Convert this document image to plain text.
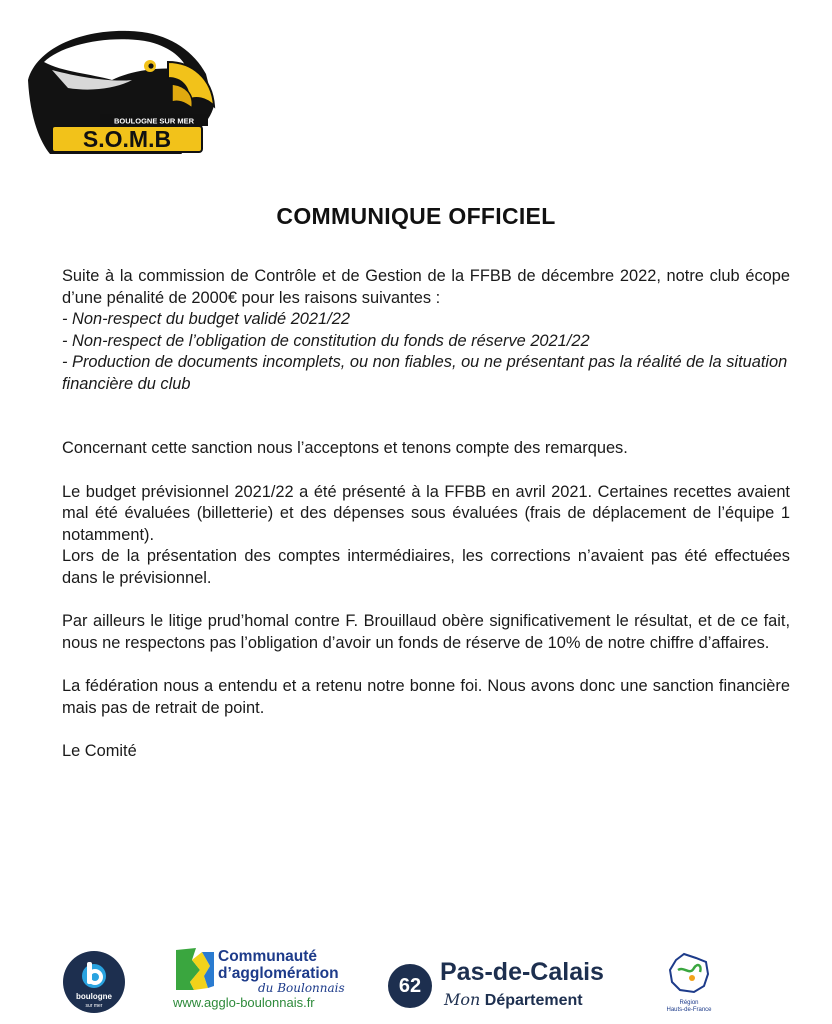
BOULOGNE SUR MER
S.O.M.B
COMMUNIQUE OFFICIEL

Suite à la commission de Contrôle et de Gestion de la FFBB de décembre 2022, notre club écope d’une pénalité de 2000€ pour les raisons suivantes :

- Non-respect du budget validé 2021/22

- Non-respect de l’obligation de constitution du fonds de réserve 2021/22

- Production de documents incomplets, ou non fiables, ou ne présentant pas la réalité de la situation financière du club

Concernant cette sanction nous l’acceptons et tenons compte des remarques.

Le budget prévisionnel 2021/22 a été présenté à la FFBB en avril 2021. Certaines recettes avaient mal été évaluées (billetterie) et des dépenses sous évaluées (frais de déplacement de l’équipe 1 notamment).

Lors de la présentation des comptes intermédiaires, les corrections n’avaient pas été effectuées dans le prévisionnel.

Par ailleurs le litige prud’homal contre F. Brouillaud obère significativement le résultat, et de ce fait, nous ne respectons pas l’obligation d’avoir un fonds de réserve de 10% de notre chiffre d’affaires.

La fédération nous a entendu et a retenu notre bonne foi. Nous avons donc une sanction financière mais pas de retrait de point.

Le Comité

boulogne
sur mer
Communauté
d’agglomération
du Boulonnais
www.agglo-boulonnais.fr
62 Pas-de-Calais
Mon Département	Région
Hauts-de-France
